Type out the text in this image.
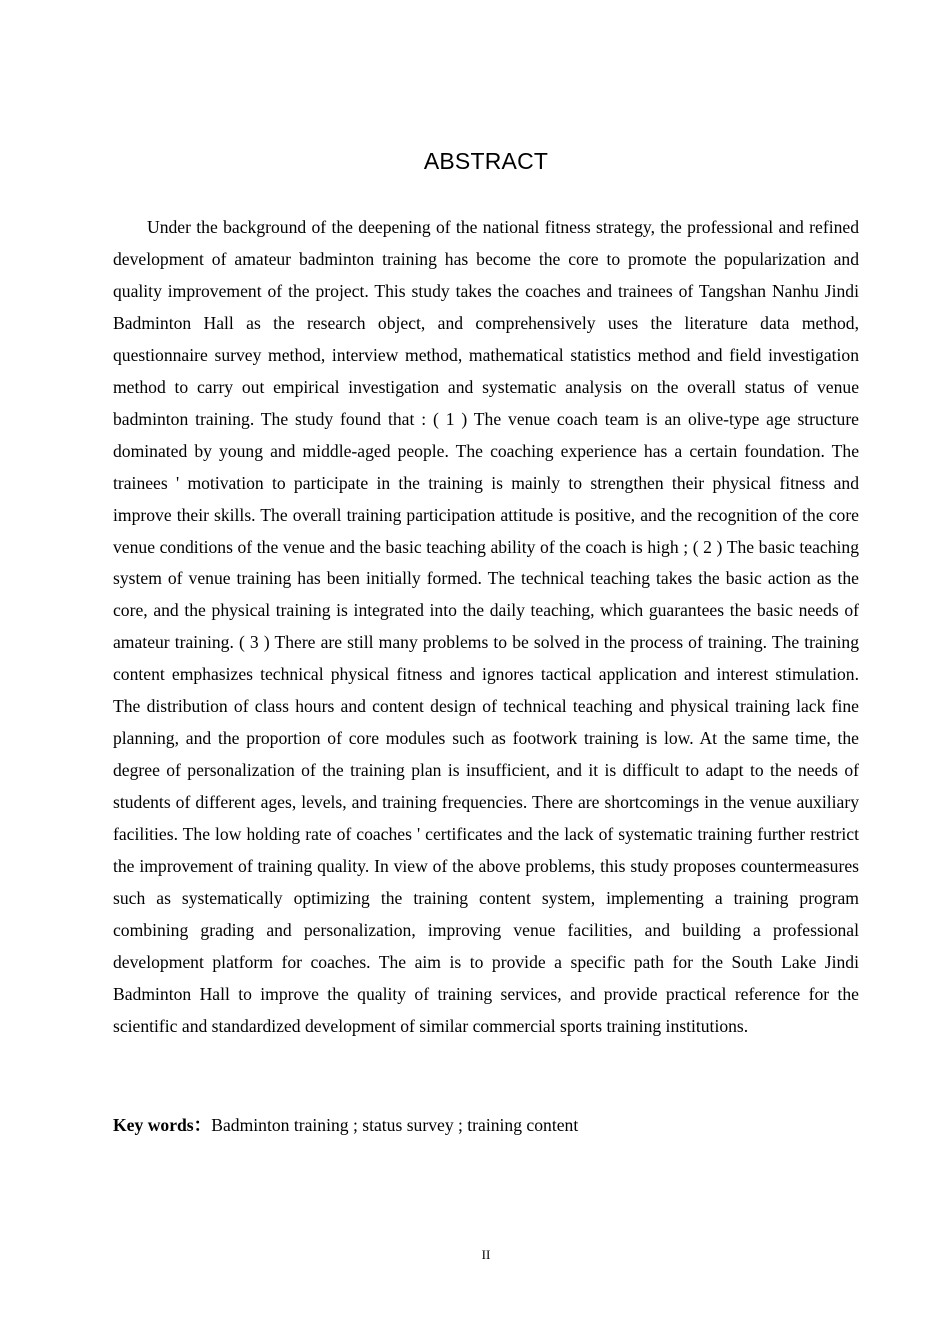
ABSTRACT

Under the background of the deepening of the national fitness strategy, the professional and refined development of amateur badminton training has become the core to promote the popularization and quality improvement of the project. This study takes the coaches and trainees of Tangshan Nanhu Jindi Badminton Hall as the research object, and comprehensively uses the literature data method, questionnaire survey method, interview method, mathematical statistics method and field investigation method to carry out empirical investigation and systematic analysis on the overall status of venue badminton training. The study found that : ( 1 ) The venue coach team is an olive-type age structure dominated by young and middle-aged people. The coaching experience has a certain foundation. The trainees ' motivation to participate in the training is mainly to strengthen their physical fitness and improve their skills. The overall training participation attitude is positive, and the recognition of the core venue conditions of the venue and the basic teaching ability of the coach is high ; ( 2 ) The basic teaching system of venue training has been initially formed. The technical teaching takes the basic action as the core, and the physical training is integrated into the daily teaching, which guarantees the basic needs of amateur training. ( 3 ) There are still many problems to be solved in the process of training. The training content emphasizes technical physical fitness and ignores tactical application and interest stimulation. The distribution of class hours and content design of technical teaching and physical training lack fine planning, and the proportion of core modules such as footwork training is low. At the same time, the degree of personalization of the training plan is insufficient, and it is difficult to adapt to the needs of students of different ages, levels, and training frequencies. There are shortcomings in the venue auxiliary facilities. The low holding rate of coaches ' certificates and the lack of systematic training further restrict the improvement of training quality. In view of the above problems, this study proposes countermeasures such as systematically optimizing the training content system, implementing a training program combining grading and personalization, improving venue facilities, and building a professional development platform for coaches. The aim is to provide a specific path for the South Lake Jindi Badminton Hall to improve the quality of training services, and provide practical reference for the scientific and standardized development of similar commercial sports training institutions.

Key words：Badminton training ; status survey ; training content

II
